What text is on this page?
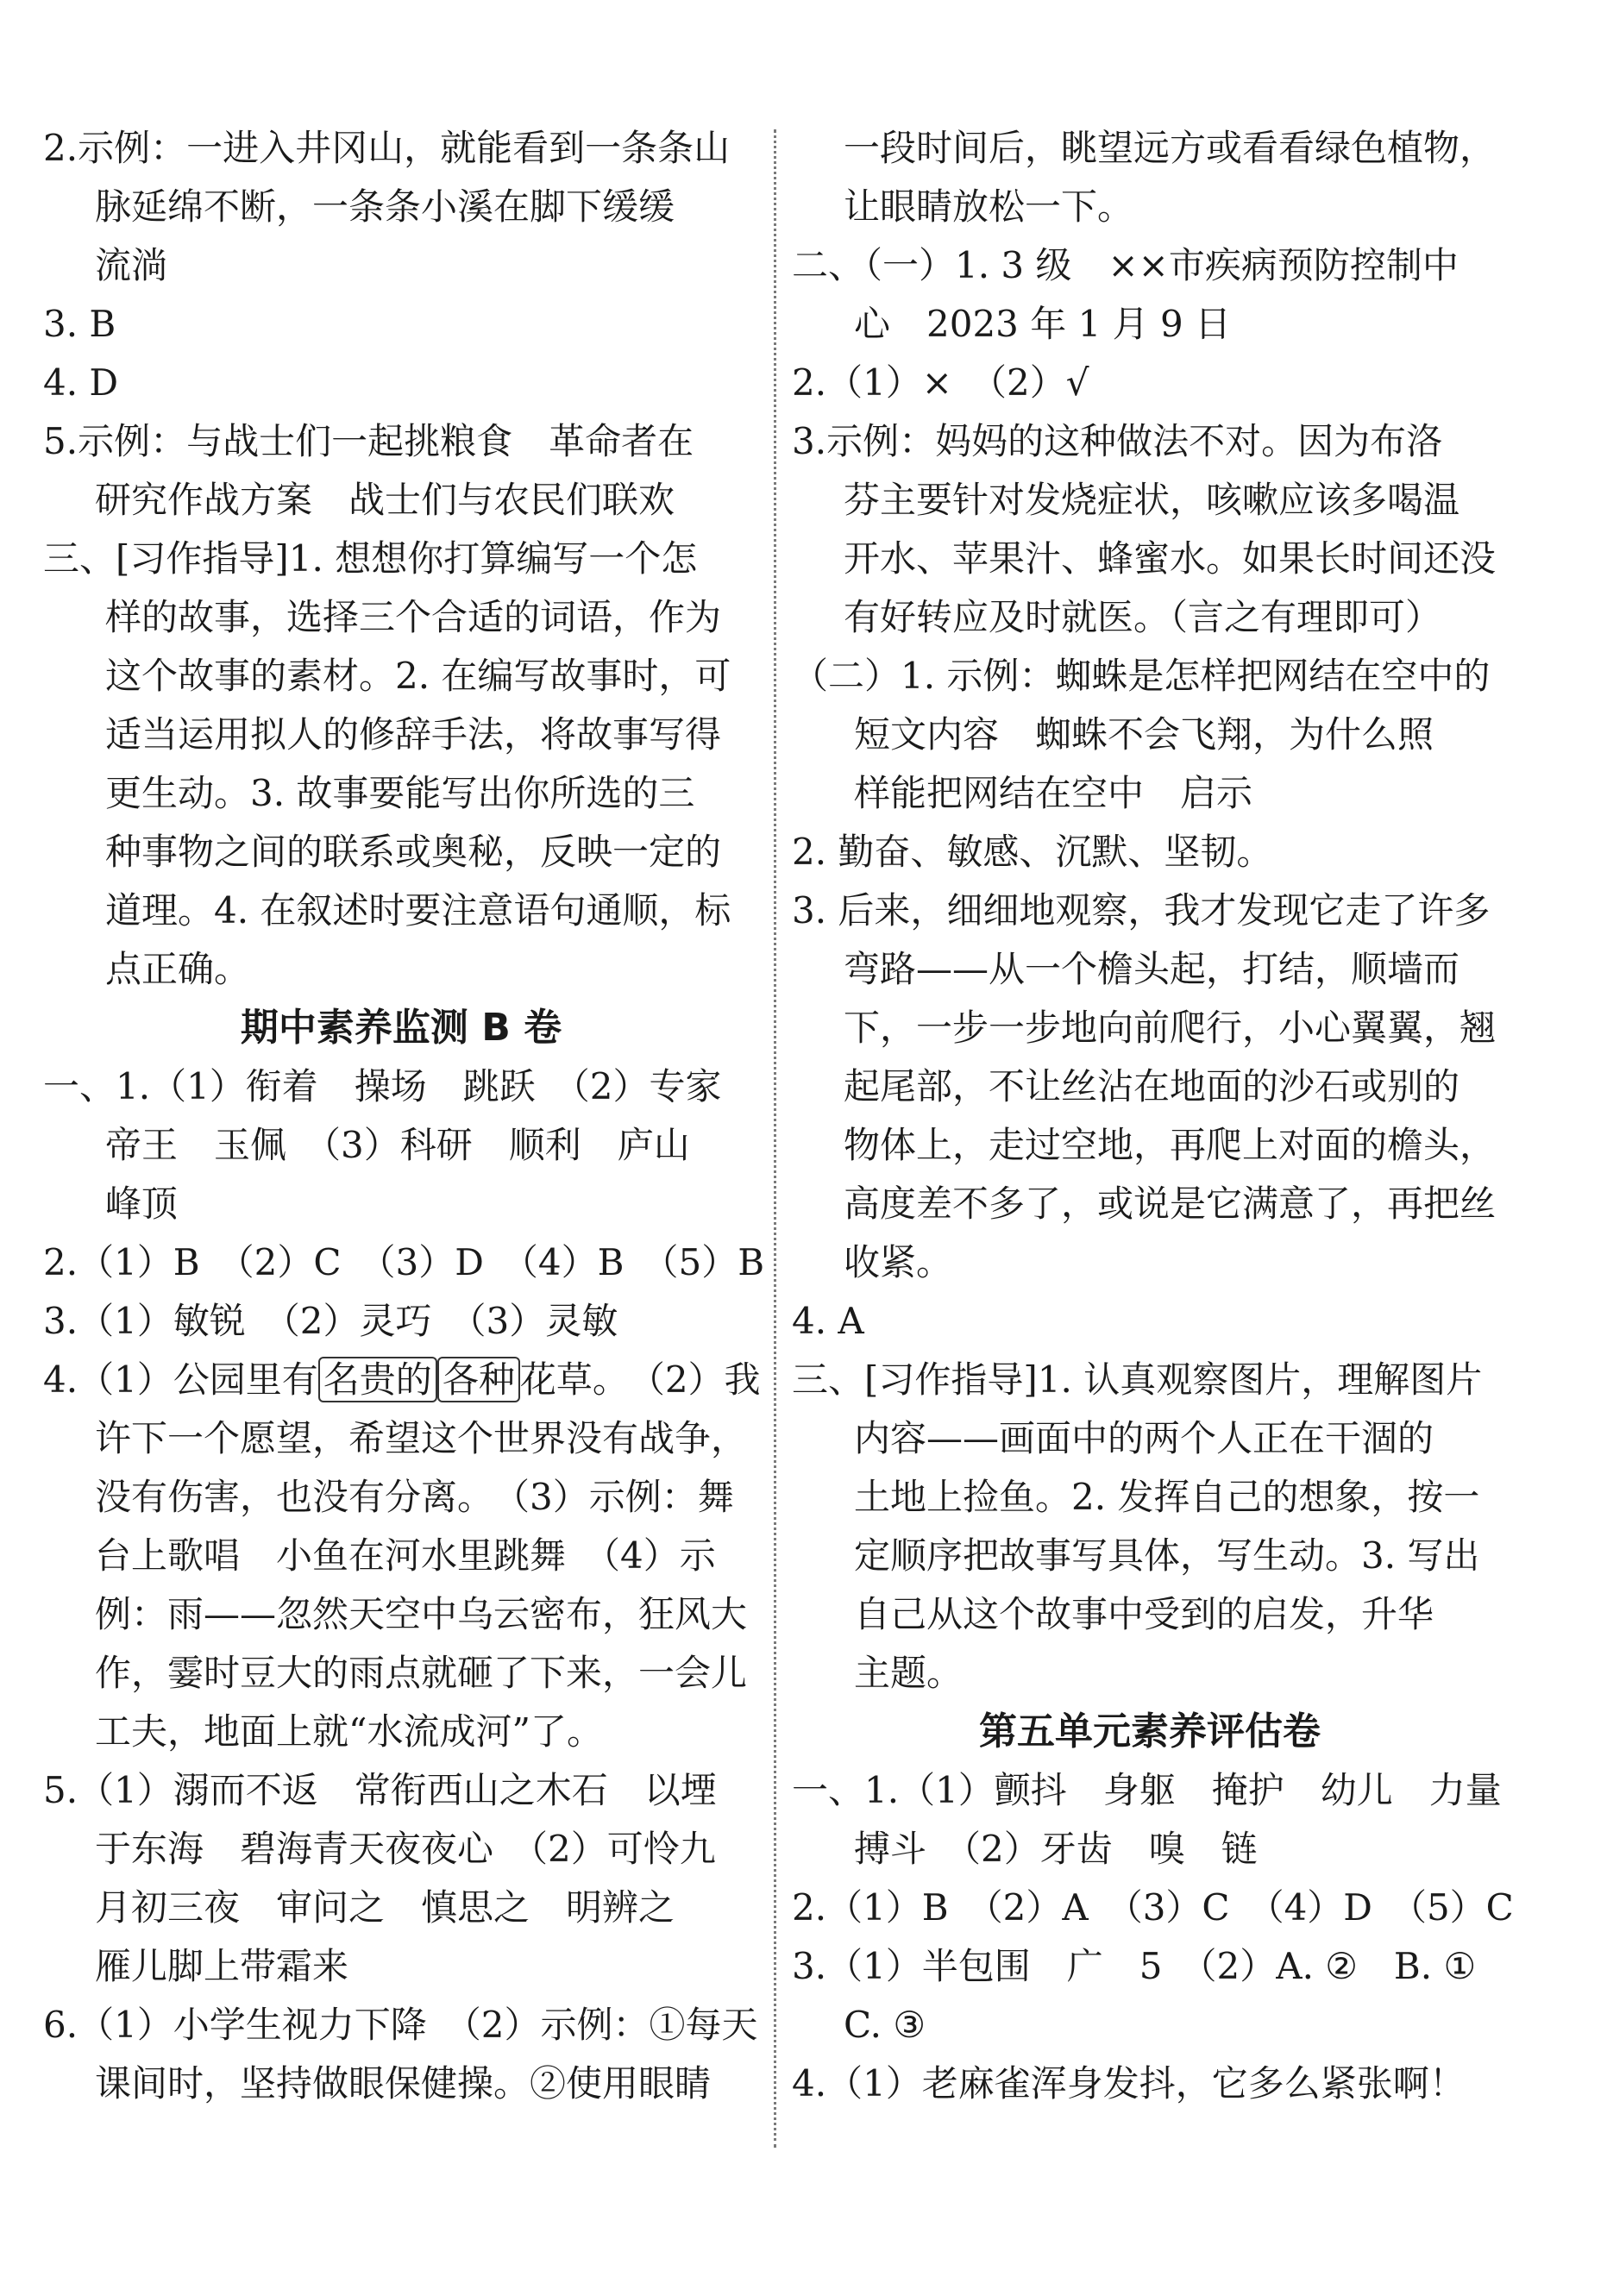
2.示例：一进入井冈山，就能看到一条条山
脉延绵不断，一条条小溪在脚下缓缓
流淌
3. B
4. D
5.示例：与战士们一起挑粮食　革命者在
研究作战方案　战士们与农民们联欢
三、[习作指导]1. 想想你打算编写一个怎
样的故事，选择三个合适的词语，作为
这个故事的素材。2. 在编写故事时，可
适当运用拟人的修辞手法，将故事写得
更生动。3. 故事要能写出你所选的三
种事物之间的联系或奥秘，反映一定的
道理。4. 在叙述时要注意语句通顺，标
点正确。
期中素养监测 B 卷
一、1.（1）衔着　操场　跳跃　（2）专家
帝王　玉佩　（3）科研　顺利　庐山
峰顶
2.（1）B　（2）C　（3）D　（4）B　（5）B
3.（1）敏锐　（2）灵巧　（3）灵敏
4.（1）公园里有 名贵的 各种 花草。　（2）我
许下一个愿望，希望这个世界没有战争，
没有伤害，也没有分离。　（3）示例：舞
台上歌唱　小鱼在河水里跳舞　（4）示
例：雨——忽然天空中乌云密布，狂风大
作，霎时豆大的雨点就砸了下来，一会儿
工夫，地面上就“水流成河”了。
5.（1）溺而不返　常衔西山之木石　以堙
于东海　碧海青天夜夜心　（2）可怜九
月初三夜　审问之　慎思之　明辨之
雁儿脚上带霜来
6.（1）小学生视力下降　（2）示例：①每天
课间时，坚持做眼保健操。②使用眼睛
一段时间后，眺望远方或看看绿色植物，
让眼睛放松一下。
二、（一）1. 3 级　××市疾病预防控制中
心　2023 年 1 月 9 日
2.（1）×　（2）√
3.示例：妈妈的这种做法不对。因为布洛
芬主要针对发烧症状，咳嗽应该多喝温
开水、苹果汁、蜂蜜水。如果长时间还没
有好转应及时就医。（言之有理即可）
（二）1. 示例：蜘蛛是怎样把网结在空中的
短文内容　蜘蛛不会飞翔，为什么照
样能把网结在空中　启示
2. 勤奋、敏感、沉默、坚韧。
3. 后来，细细地观察，我才发现它走了许多
弯路——从一个檐头起，打结，顺墙而
下，一步一步地向前爬行，小心翼翼，翘
起尾部，不让丝沾在地面的沙石或别的
物体上，走过空地，再爬上对面的檐头，
高度差不多了，或说是它满意了，再把丝
收紧。
4. A
三、[习作指导]1. 认真观察图片，理解图片
内容——画面中的两个人正在干涸的
土地上捡鱼。2. 发挥自己的想象，按一
定顺序把故事写具体，写生动。3. 写出
自己从这个故事中受到的启发，升华
主题。
第五单元素养评估卷
一、1.（1）颤抖　身躯　掩护　幼儿　力量
搏斗　（2）牙齿　嗅　链
2.（1）B　（2）A　（3）C　（4）D　（5）C
3.（1）半包围　广　5　（2）A. ②　B. ①
C. ③
4.（1）老麻雀浑身发抖，它多么紧张啊！
